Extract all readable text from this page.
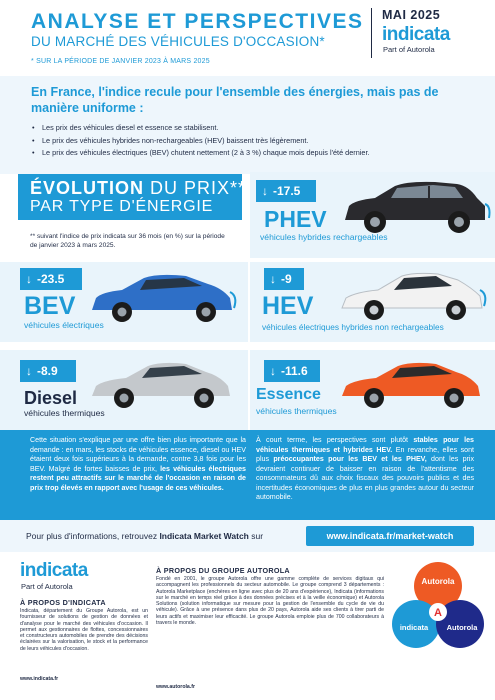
ANALYSE ET PERSPECTIVES
DU MARCHÉ DES VÉHICULES D'OCCASION*
* SUR LA PÉRIODE DE JANVIER 2023 À MARS 2025
MAI 2025
indicata
Part of Autorola
En France, l'indice recule pour l'ensemble des énergies, mais pas de manière uniforme :
• Les prix des véhicules diesel et essence se stabilisent.
• Le prix des véhicules hybrides non-rechargeables (HEV) baissent très légèrement.
• Le prix des véhicules électriques (BEV) chutent nettement (2 à 3 %) chaque mois depuis l'été dernier.
ÉVOLUTION DU PRIX**
PAR TYPE D'ÉNERGIE
** suivant l'indice de prix indicata sur 36 mois (en %) sur la période de janvier 2023 à mars 2025.
↓ -17.5
PHEV
véhicules hybrides rechargeables
↓ -23.5
BEV
véhicules électriques
↓ -9
HEV
véhicules électriques hybrides non rechargeables
↓ -8.9
Diesel
véhicules thermiques
↓ -11.6
Essence
véhicules thermiques
Cette situation s'explique par une offre bien plus importante que la demande : en mars, les stocks de véhicules essence, diesel ou HEV étaient deux fois supérieurs à la demande, contre 3,8 fois pour les BEV. Malgré de fortes baisses de prix, les véhicules électriques restent peu attractifs sur le marché de l'occasion en raison de prix trop élevés en rapport avec l'usage de ces véhicules.
À court terme, les perspectives sont plutôt stables pour les véhicules thermiques et hybrides HEV. En revanche, elles sont plus préoccupantes pour les BEV et les PHEV, dont les prix devraient continuer de baisser en raison de l'attentisme des consommateurs dû aux choix fiscaux des pouvoirs publics et des incertitudes économiques de plus en plus grandes autour du secteur automobile.
Pour plus d'informations, retrouvez Indicata Market Watch sur	www.indicata.fr/market-watch
indicata
Part of Autorola
À PROPOS D'INDICATA
Indicata, département du Groupe Autorola, est un fournisseur de solutions de gestion de données et d'analyse pour le marché des véhicules d'occasion. Il permet aux gestionnaires de flottes, concessionnaires et constructeurs automobiles de prendre des décisions éclairées sur la valorisation, le stock et la performance de leurs véhicules d'occasion.
www.indicata.fr
À PROPOS DU GROUPE AUTOROLA
Fondé en 2001, le groupe Autorola offre une gamme complète de services digitaux qui accompagnent les professionnels du secteur automobile. Le groupe comprend 3 départements : Autorola Marketplace (enchères en ligne avec plus de 20 ans d'expérience), Indicata (informations sur le marché en temps réel grâce à des données précises et à la veille économique) et Autorola Solutions (solution informatique sur mesure pour la gestion de l'ensemble du cycle de vie du véhicule). Grâce à une présence dans plus de 20 pays, Autorola aide ses clients à tirer parti de leurs actifs et maximiser leur efficacité. Le groupe Autorola emploie plus de 700 collaborateurs à travers le monde.
www.autorola.fr
A
Autorola
indicata Autorola
